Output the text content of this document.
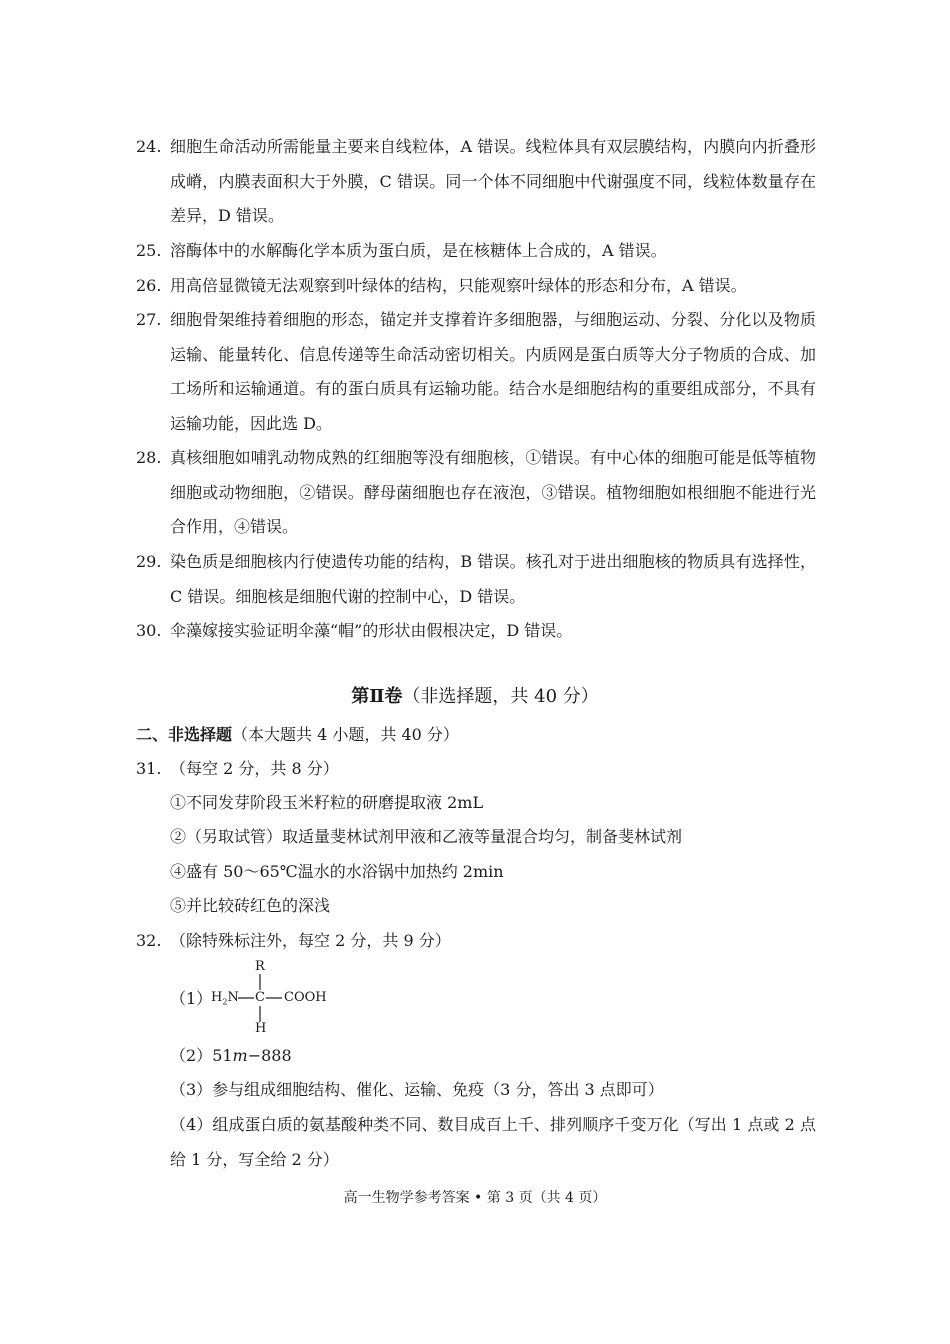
24. 细胞生命活动所需能量主要来自线粒体，A 错误。线粒体具有双层膜结构，内膜向内折叠形成嵴，内膜表面积大于外膜，C 错误。同一个体不同细胞中代谢强度不同，线粒体数量存在差异，D 错误。
25. 溶酶体中的水解酶化学本质为蛋白质，是在核糖体上合成的，A 错误。
26. 用高倍显微镜无法观察到叶绿体的结构，只能观察叶绿体的形态和分布，A 错误。
27. 细胞骨架维持着细胞的形态，锚定并支撑着许多细胞器，与细胞运动、分裂、分化以及物质运输、能量转化、信息传递等生命活动密切相关。内质网是蛋白质等大分子物质的合成、加工场所和运输通道。有的蛋白质具有运输功能。结合水是细胞结构的重要组成部分，不具有运输功能，因此选 D。
28. 真核细胞如哺乳动物成熟的红细胞等没有细胞核，①错误。有中心体的细胞可能是低等植物细胞或动物细胞，②错误。酵母菌细胞也存在液泡，③错误。植物细胞如根细胞不能进行光合作用，④错误。
29. 染色质是细胞核内行使遗传功能的结构，B 错误。核孔对于进出细胞核的物质具有选择性，C 错误。细胞核是细胞代谢的控制中心，D 错误。
30. 伞藻嫁接实验证明伞藻“帽”的形状由假根决定，D 错误。
第Ⅱ卷（非选择题，共 40 分）
二、非选择题（本大题共 4 小题，共 40 分）
31. （每空 2 分，共 8 分）
①不同发芽阶段玉米籽粒的研磨提取液 2mL
②（另取试管）取适量斐林试剂甲液和乙液等量混合均匀，制备斐林试剂
④盛有 50～65℃温水的水浴锅中加热约 2min
⑤并比较砖红色的深浅
32. （除特殊标注外，每空 2 分，共 9 分）
（1）
R
$H_2N$ C COOH
H
（2）51m−888
（3）参与组成细胞结构、催化、运输、免疫（3 分，答出 3 点即可）
（4）组成蛋白质的氨基酸种类不同、数目成百上千、排列顺序千变万化（写出 1 点或 2 点给 1 分，写全给 2 分）
高一生物学参考答案 • 第 3 页（共 4 页）
